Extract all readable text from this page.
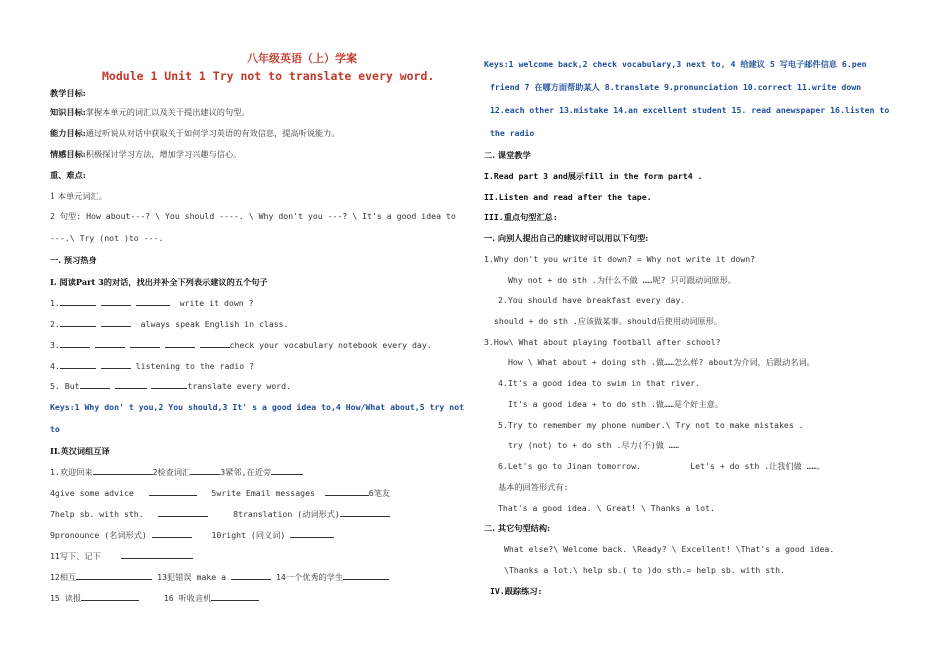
八年级英语（上）学案
Module 1 Unit 1 Try not to translate every word.
教学目标:
知识目标:掌握本单元的词汇以及关于提出建议的句型。
能力目标:通过听说从对话中获取关于如何学习英语的有效信息，提高听说能力。
情感目标:积极探讨学习方法，增加学习兴趣与信心。
重、难点:
1 本单元词汇。
2 句型: How about---? \ You should ----. \ Why don't you ---? \ It's a good idea to
---.\ Try (not )to ---.
一. 预习热身
I. 阅读Part 3的对话，找出并补全下列表示建议的五个句子
1.	write it down ?
2.	always speak English in class.
3.	check your vocabulary notebook every day.
4.	listening to the radio ?
5. But	translate every word.
Keys:1 Why don' t you,2 You should,3 It' s a good idea to,4 How/What about,5 try not
to
II.英汉词组互译
1.欢迎回来	2检查词汇	3紧邻,在近旁
4give some advice	5write Email messages	6笔友
7help sb. with sth.	8translation (动词形式)
9pronounce (名词形式)	10right (同义词)
11写下、记下
12相互	13犯错误 make a	14一个优秀的学生
15 读报	16 听收音机
Keys:1 welcome back,2 check vocabulary,3 next to, 4 给建议 5 写电子邮件信息 6.pen
friend 7 在哪方面帮助某人 8.translate 9.pronunciation 10.correct 11.write down
12.each other 13.mistake 14.an excellent student 15. read anewspaper 16.listen to
the radio
二. 课堂教学
I.Read part 3 and展示fill in the form part4 .
II.Listen and read after the tape.
III.重点句型汇总:
一. 向别人提出自己的建议时可以用以下句型:
1.Why don't you write it down? = Why not write it down?
Why not + do sth .为什么不做 ……呢? 只可跟动词原形。
2.You should have breakfast every day.
should + do sth .应该做某事。should后使用动词原形。
3.How\ What about playing football after school?
How \ What about + doing sth .做……怎么样? about为介词，后跟动名词。
4.It's a good idea to swim in that river.
It's a good idea + to do sth .做……是个好主意。
5.Try to remember my phone number.\ Try not to make mistakes .
try (not) to + do sth .尽力(不)做 ……
6.Let's go to Jinan tomorrow.	Let's + do sth .让我们做 ……。
基本的回答形式有:
That's a good idea. \ Great! \ Thanks a lot.
二. 其它句型结构:
What else?\ Welcome back. \Ready? \ Excellent! \That's a good idea.
\Thanks a lot.\ help sb.( to )do sth.= help sb. with sth.
IV.跟踪练习:
